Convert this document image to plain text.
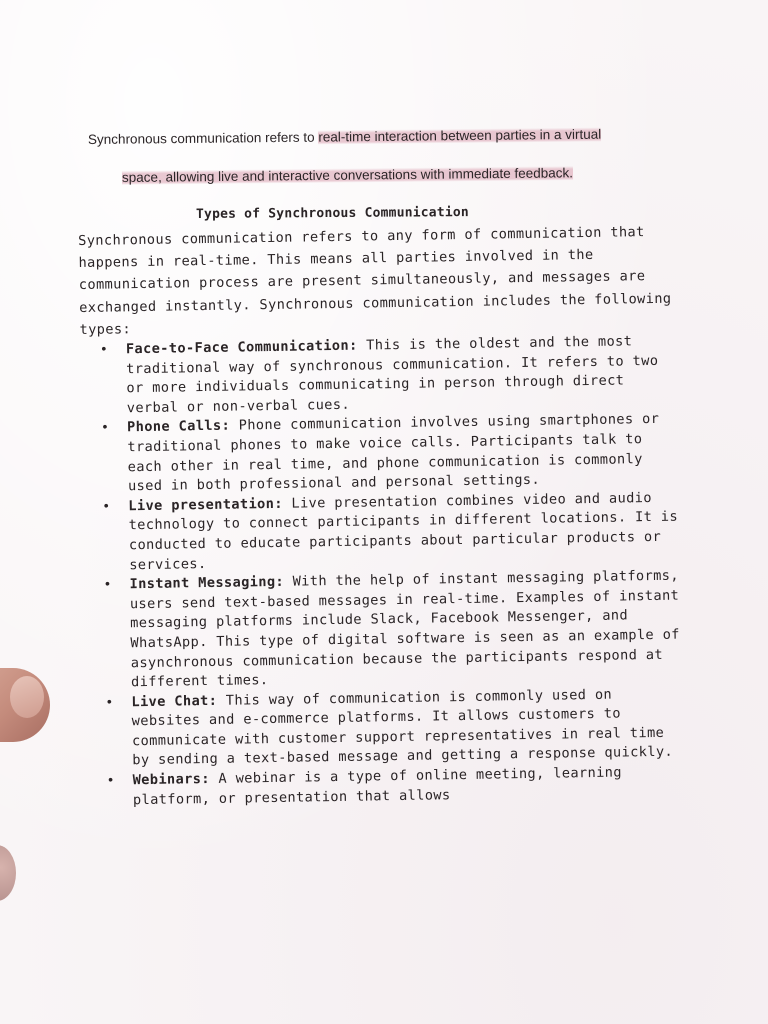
Synchronous communication refers to real-time interaction between parties in a virtual
space, allowing live and interactive conversations with immediate feedback.
Types of Synchronous Communication

Synchronous communication refers to any form of communication that happens in real-time. This means all parties involved in the communication process are present simultaneously, and messages are exchanged instantly. Synchronous communication includes the following types:

• Face-to-Face Communication: This is the oldest and the most traditional way of synchronous communication. It refers to two or more individuals communicating in person through direct verbal or non-verbal cues.
• Phone Calls: Phone communication involves using smartphones or traditional phones to make voice calls. Participants talk to each other in real time, and phone communication is commonly used in both professional and personal settings.
• Live presentation: Live presentation combines video and audio technology to connect participants in different locations. It is conducted to educate participants about particular products or services.
• Instant Messaging: With the help of instant messaging platforms, users send text-based messages in real-time. Examples of instant messaging platforms include Slack, Facebook Messenger, and WhatsApp. This type of digital software is seen as an example of asynchronous communication because the participants respond at different times.
• Live Chat: This way of communication is commonly used on websites and e-commerce platforms. It allows customers to communicate with customer support representatives in real time by sending a text-based message and getting a response quickly.
• Webinars: A webinar is a type of online meeting, learning platform, or presentation that allows
